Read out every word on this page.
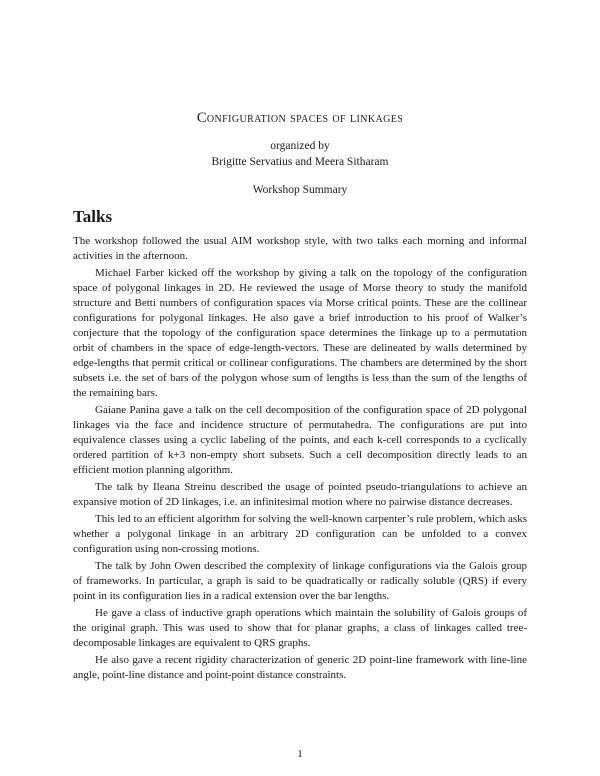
Configuration spaces of linkages
organized by
Brigitte Servatius and Meera Sitharam
Workshop Summary
Talks

The workshop followed the usual AIM workshop style, with two talks each morning and informal activities in the afternoon.

Michael Farber kicked off the workshop by giving a talk on the topology of the configuration space of polygonal linkages in 2D. He reviewed the usage of Morse theory to study the manifold structure and Betti numbers of configuration spaces via Morse critical points. These are the collinear configurations for polygonal linkages. He also gave a brief introduction to his proof of Walker’s conjecture that the topology of the configuration space determines the linkage up to a permutation orbit of chambers in the space of edge-length-vectors. These are delineated by walls determined by edge-lengths that permit critical or collinear configurations. The chambers are determined by the short subsets i.e. the set of bars of the polygon whose sum of lengths is less than the sum of the lengths of the remaining bars.

Gaiane Panina gave a talk on the cell decomposition of the configuration space of 2D polygonal linkages via the face and incidence structure of permutahedra. The configurations are put into equivalence classes using a cyclic labeling of the points, and each k-cell corresponds to a cyclically ordered partition of k+3 non-empty short subsets. Such a cell decomposition directly leads to an efficient motion planning algorithm.

The talk by Ileana Streinu described the usage of pointed pseudo-triangulations to achieve an expansive motion of 2D linkages, i.e. an infinitesimal motion where no pairwise distance decreases.

This led to an efficient algorithm for solving the well-known carpenter’s rule problem, which asks whether a polygonal linkage in an arbitrary 2D configuration can be unfolded to a convex configuration using non-crossing motions.

The talk by John Owen described the complexity of linkage configurations via the Galois group of frameworks. In particular, a graph is said to be quadratically or radically soluble (QRS) if every point in its configuration lies in a radical extension over the bar lengths.

He gave a class of inductive graph operations which maintain the solubility of Galois groups of the original graph. This was used to show that for planar graphs, a class of linkages called tree-decomposable linkages are equivalent to QRS graphs.

He also gave a recent rigidity characterization of generic 2D point-line framework with line-line angle, point-line distance and point-point distance constraints.

1
